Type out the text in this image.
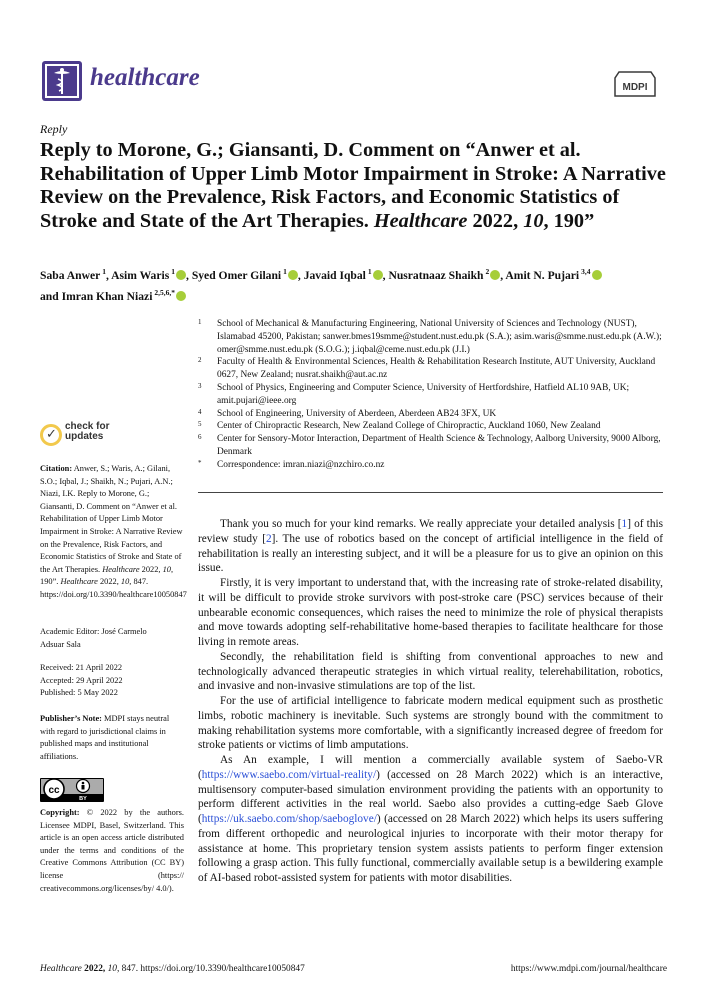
healthcare	MDPI
Reply
Reply to Morone, G.; Giansanti, D. Comment on “Anwer et al. Rehabilitation of Upper Limb Motor Impairment in Stroke: A Narrative Review on the Prevalence, Risk Factors, and Economic Statistics of Stroke and State of the Art Therapies. Healthcare 2022, 10, 190”
Saba Anwer $^1$, Asim Waris $^1$ , Syed Omer Gilani $^1$ , Javaid Iqbal $^1$ , Nusratnaaz Shaikh $^2$ , Amit N. Pujari $^{3,4}$
and Imran Khan Niazi $^{2,5,6,*}$
1 School of Mechanical & Manufacturing Engineering, National University of Sciences and Technology (NUST), Islamabad 45200, Pakistan; sanwer.bmes19smme@student.nust.edu.pk (S.A.); asim.waris@smme.nust.edu.pk (A.W.); omer@smme.nust.edu.pk (S.O.G.); j.iqbal@ceme.nust.edu.pk (J.I.)
2 Faculty of Health & Environmental Sciences, Health & Rehabilitation Research Institute, AUT University, Auckland 0627, New Zealand; nusrat.shaikh@aut.ac.nz
3 School of Physics, Engineering and Computer Science, University of Hertfordshire, Hatfield AL10 9AB, UK; amit.pujari@ieee.org
4 School of Engineering, University of Aberdeen, Aberdeen AB24 3FX, UK
5 Center of Chiropractic Research, New Zealand College of Chiropractic, Auckland 1060, New Zealand
6 Center for Sensory-Motor Interaction, Department of Health Science & Technology, Aalborg University, 9000 Alborg, Denmark
* Correspondence: imran.niazi@nzchiro.co.nz
✓
check for
updates
Citation: Anwer, S.; Waris, A.; Gilani, S.O.; Iqbal, J.; Shaikh, N.; Pujari, A.N.; Niazi, I.K. Reply to Morone, G.; Giansanti, D. Comment on “Anwer et al. Rehabilitation of Upper Limb Motor Impairment in Stroke: A Narrative Review on the Prevalence, Risk Factors, and Economic Statistics of Stroke and State of the Art Therapies. Healthcare 2022, 10, 190”. Healthcare 2022, 10, 847. https://doi.org/10.3390/healthcare10050847
Academic Editor: José Carmelo
Adsuar Sala
Received: 21 April 2022
Accepted: 29 April 2022
Published: 5 May 2022
Publisher’s Note: MDPI stays neutral with regard to jurisdictional claims in published maps and institutional affiliations.
cc
BY
Copyright: © 2022 by the authors. Licensee MDPI, Basel, Switzerland. This article is an open access article distributed under the terms and conditions of the Creative Commons Attribution (CC BY) license (https:// creativecommons.org/licenses/by/ 4.0/).

Thank you so much for your kind remarks. We really appreciate your detailed analysis [1] of this review study [2]. The use of robotics based on the concept of artificial intelligence in the field of rehabilitation is really an interesting subject, and it will be a pleasure for us to give an opinion on this issue.

Firstly, it is very important to understand that, with the increasing rate of stroke-related disability, it will be difficult to provide stroke survivors with post-stroke care (PSC) services because of their unbearable economic consequences, which raises the need to minimize the role of physical therapists and move towards adopting self-rehabilitative home-based therapies to facilitate healthcare for those living in remote areas.

Secondly, the rehabilitation field is shifting from conventional approaches to new and technologically advanced therapeutic strategies in which virtual reality, telerehabilitation, robotics, and invasive and non-invasive stimulations are top of the list.

For the use of artificial intelligence to fabricate modern medical equipment such as prosthetic limbs, robotic machinery is inevitable. Such systems are strongly bound with the commitment to making rehabilitation systems more comfortable, with a significantly increased degree of freedom for stroke patients or victims of limb amputations.

As An example, I will mention a commercially available system of Saebo-VR (https://www.saebo.com/virtual-reality/) (accessed on 28 March 2022) which is an interactive, multisensory computer-based simulation environment providing the patients with an opportunity to perform different activities in the real world. Saebo also provides a cutting-edge Saeb Glove (https://uk.saebo.com/shop/saeboglove/) (accessed on 28 March 2022) which helps its users suffering from different orthopedic and neurological injuries to incorporate with their motor therapy for assistance at home. This proprietary tension system assists patients to perform finger extension following a grasp action. This fully functional, commercially available setup is a bewildering example of AI-based robot-assisted system for patients with motor disabilities.

Healthcare 2022, 10, 847. https://doi.org/10.3390/healthcare10050847	https://www.mdpi.com/journal/healthcare
